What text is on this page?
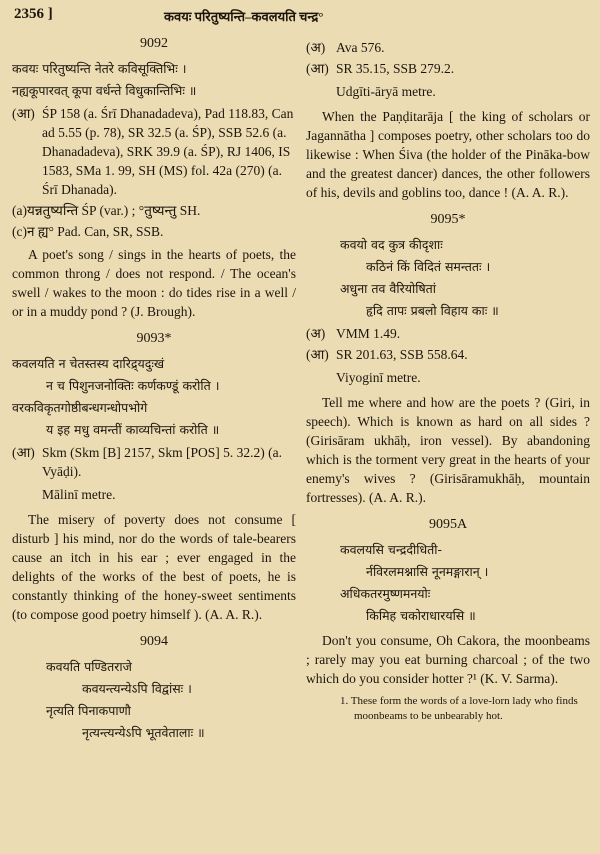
2356 ]	कवयः परितुष्यन्ति–कवलयति चन्द्र°
9092
कवयः परितुष्यन्ति नेतरे कविसूक्तिभिः ।
नह्यकूपारवत् कूपा वर्धन्ते विधुकान्तिभिः ॥
(आ) ŚP 158 (a. Śrī Dhanadadeva), Pad 118.83, Can ad 5.55 (p. 78), SR 32.5 (a. ŚP), SSB 52.6 (a. Dhanadadeva), SRK 39.9 (a. ŚP), RJ 1406, IS 1583, SMa 1. 99, SH (MS) fol. 42a (270) (a. Śrī Dhanada).
(a)यन्नतुष्यन्ति ŚP (var.) ; °तुष्यन्तु SH.
(c)न ह्य° Pad. Can, SR, SSB.
A poet's song / sings in the hearts of poets, the common throng / does not respond. / The ocean's swell / wakes to the moon : do tides rise in a well / or in a muddy pond ? (J. Brough).
9093*
कवलयति न चेतस्तस्य दारिद्र्यदुःखं
न च पिशुनजनोक्तिः कर्णकण्डूं करोति ।
वरकविकृतगोष्ठीबन्धगन्धोपभोगे
य इह मधु वमन्तीं काव्यचिन्तां करोति ॥
(आ) Skm (Skm [B] 2157, Skm [POS] 5. 32.2) (a. Vyāḍi).
Mālinī metre.
The misery of poverty does not consume [ disturb ] his mind, nor do the words of tale-bearers cause an itch in his ear ; ever engaged in the delights of the works of the best of poets, he is constantly thinking of the honey-sweet sentiments (to compose good poetry himself ). (A. A. R.).
9094
कवयति पण्डितराजे
कवयन्त्यन्येऽपि विद्वांसः ।
नृत्यति पिनाकपाणौ
नृत्यन्त्यन्येऽपि भूतवेतालाः ॥
(अ) Ava 576.
(आ) SR 35.15, SSB 279.2.
Udgīti-āryā metre.
When the Paṇḍitarāja [ the king of scholars or Jagannātha ] composes poetry, other scholars too do likewise : When Śiva (the holder of the Pināka-bow and the greatest dancer) dances, the other followers of his, devils and goblins too, dance ! (A. A. R.).
9095*
कवयो वद कुत्र कीदृशाः
कठिनं किं विदितं समन्ततः ।
अधुना तव वैरियोषितां
हृदि तापः प्रबलो विहाय काः ॥
(अ) VMM 1.49.
(आ) SR 201.63, SSB 558.64.
Viyoginī metre.
Tell me where and how are the poets ? (Giri, in speech). Which is known as hard on all sides ? (Girisāram ukhāḥ, iron vessel). By abandoning which is the torment very great in the hearts of your enemy's wives ? (Girisāramukhāḥ, mountain fortresses). (A. A. R.).
9095A
कवलयसि चन्द्रदीधिती-
र्नविरलमश्नासि नूनमङ्गारान् ।
अधिकतरमुष्णमनयोः
किमिह चकोराधारयसि ॥
Don't you consume, Oh Cakora, the moonbeams ; rarely may you eat burning charcoal ; of the two which do you consider hotter ?¹ (K. V. Sarma).
1. These form the words of a love-lorn lady who finds moonbeams to be unbearably hot.
